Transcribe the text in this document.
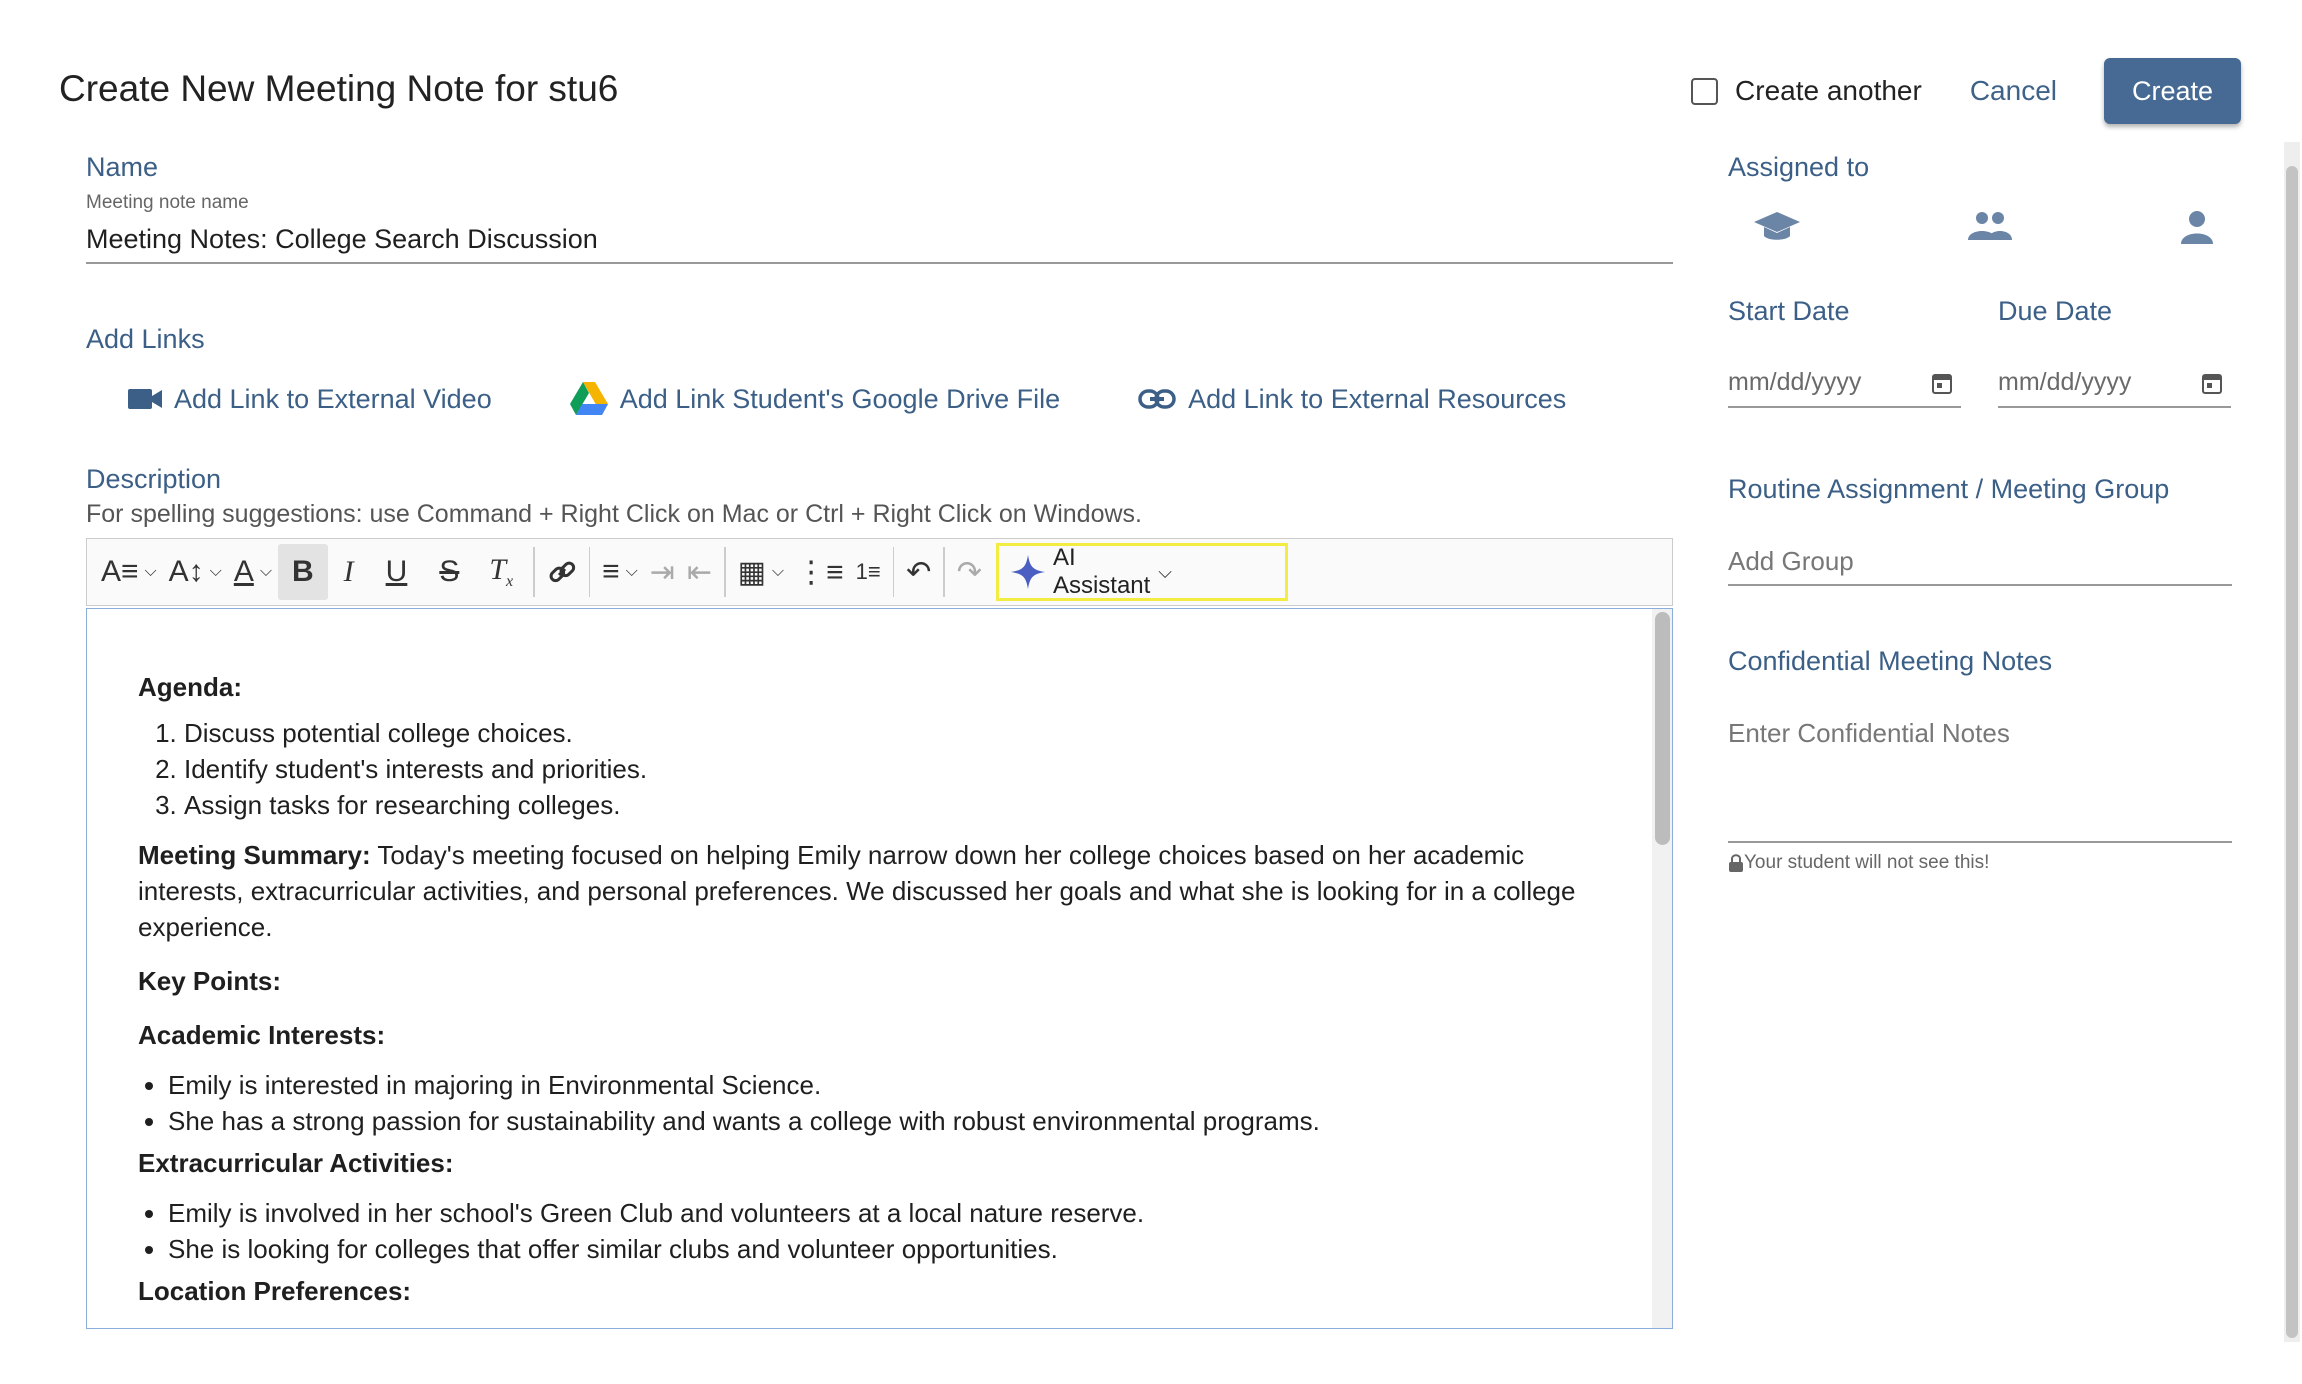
Create New Meeting Note for stu6	Create another Cancel	Create
Name
Meeting note name
Meeting Notes: College Search Discussion
Add Links
Add Link to External Video	Add Link Student's Google Drive File	Add Link to External Resources
Description
For spelling suggestions: use Command + Right Click on Mac or Ctrl + Right Click on Windows.
A≡ ⌵ A↕ ⌵ A ⌵ B	I	U	S	$T_x$	≡ ⌵ ⇥ ⇤ ▦ ⌵ ⋮≡ 1≡ ↶ ↷	AI Assistant
⌵
Agenda:
1. Discuss potential college choices.
2. Identify student's interests and priorities.
3. Assign tasks for researching colleges.

Meeting Summary: Today's meeting focused on helping Emily narrow down her college choices based on her academic interests, extracurricular activities, and personal preferences. We discussed her goals and what she is looking for in a college experience.

Key Points:
Academic Interests:
• Emily is interested in majoring in Environmental Science.
• She has a strong passion for sustainability and wants a college with robust environmental programs.
Extracurricular Activities:
• Emily is involved in her school's Green Club and volunteers at a local nature reserve.
• She is looking for colleges that offer similar clubs and volunteer opportunities.
Location Preferences:
Assigned to
Start Date	Due Date
mm/dd/yyyy	mm/dd/yyyy
Routine Assignment / Meeting Group
Add Group
Confidential Meeting Notes
Enter Confidential Notes
Your student will not see this!
